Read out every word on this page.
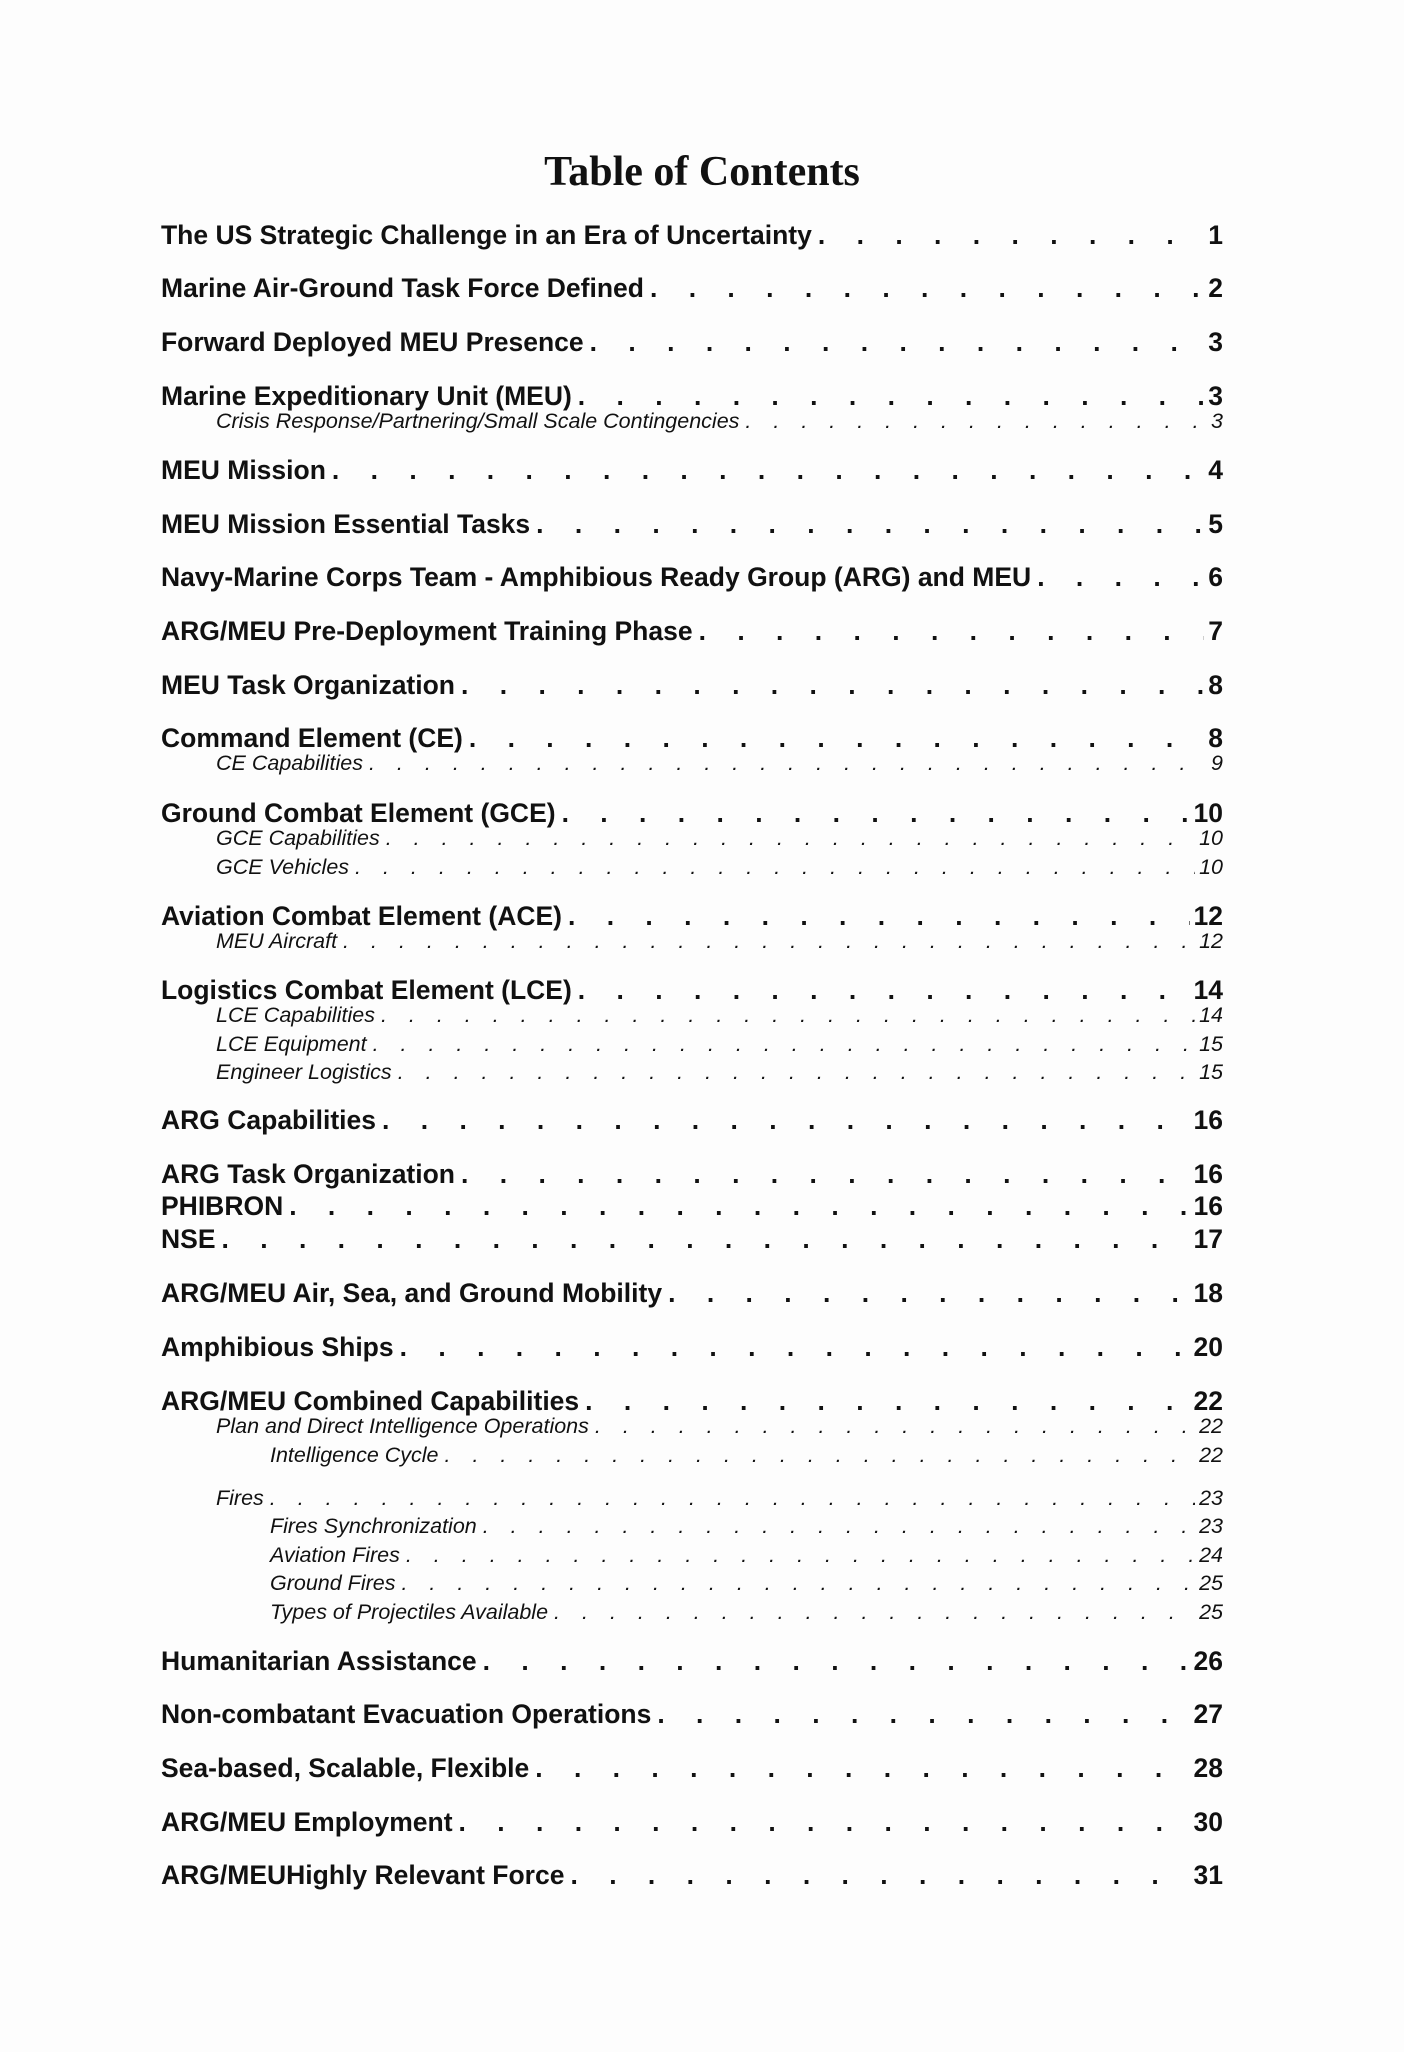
Table of Contents
The US Strategic Challenge in an Era of Uncertainty . . .	1
Marine Air-Ground Task Force Defined . . .	2
Forward Deployed MEU Presence . . .	3
Marine Expeditionary Unit (MEU) . . .	3
Crisis Response/Partnering/Small Scale Contingencies . . .	3
MEU Mission . . .	4
MEU Mission Essential Tasks . . .	5
Navy-Marine Corps Team - Amphibious Ready Group (ARG) and MEU . . .	6
ARG/MEU Pre-Deployment Training Phase . . .	7
MEU Task Organization . . .	8
Command Element (CE) . . .	8
CE Capabilities . . .	9
Ground Combat Element (GCE) . . .	10
GCE Capabilities . . .	10
GCE Vehicles . . .	10
Aviation Combat Element (ACE) . . .	12
MEU Aircraft . . .	12
Logistics Combat Element (LCE) . . .	14
LCE Capabilities . . .	14
LCE Equipment . . .	15
Engineer Logistics . . .	15
ARG Capabilities . . .	16
ARG Task Organization . . .	16
PHIBRON . . .	16
NSE . . .	17
ARG/MEU Air, Sea, and Ground Mobility . . .	18
Amphibious Ships . . .	20
ARG/MEU Combined Capabilities . . .	22
Plan and Direct Intelligence Operations . . .	22
Intelligence Cycle . . .	22
Fires . . .	23
Fires Synchronization . . .	23
Aviation Fires . . .	24
Ground Fires . . .	25
Types of Projectiles Available . . .	25
Humanitarian Assistance . . .	26
Non-combatant Evacuation Operations . . .	27
Sea-based, Scalable, Flexible . . .	28
ARG/MEU Employment . . .	30
ARG/MEUHighly Relevant Force . . .	31
